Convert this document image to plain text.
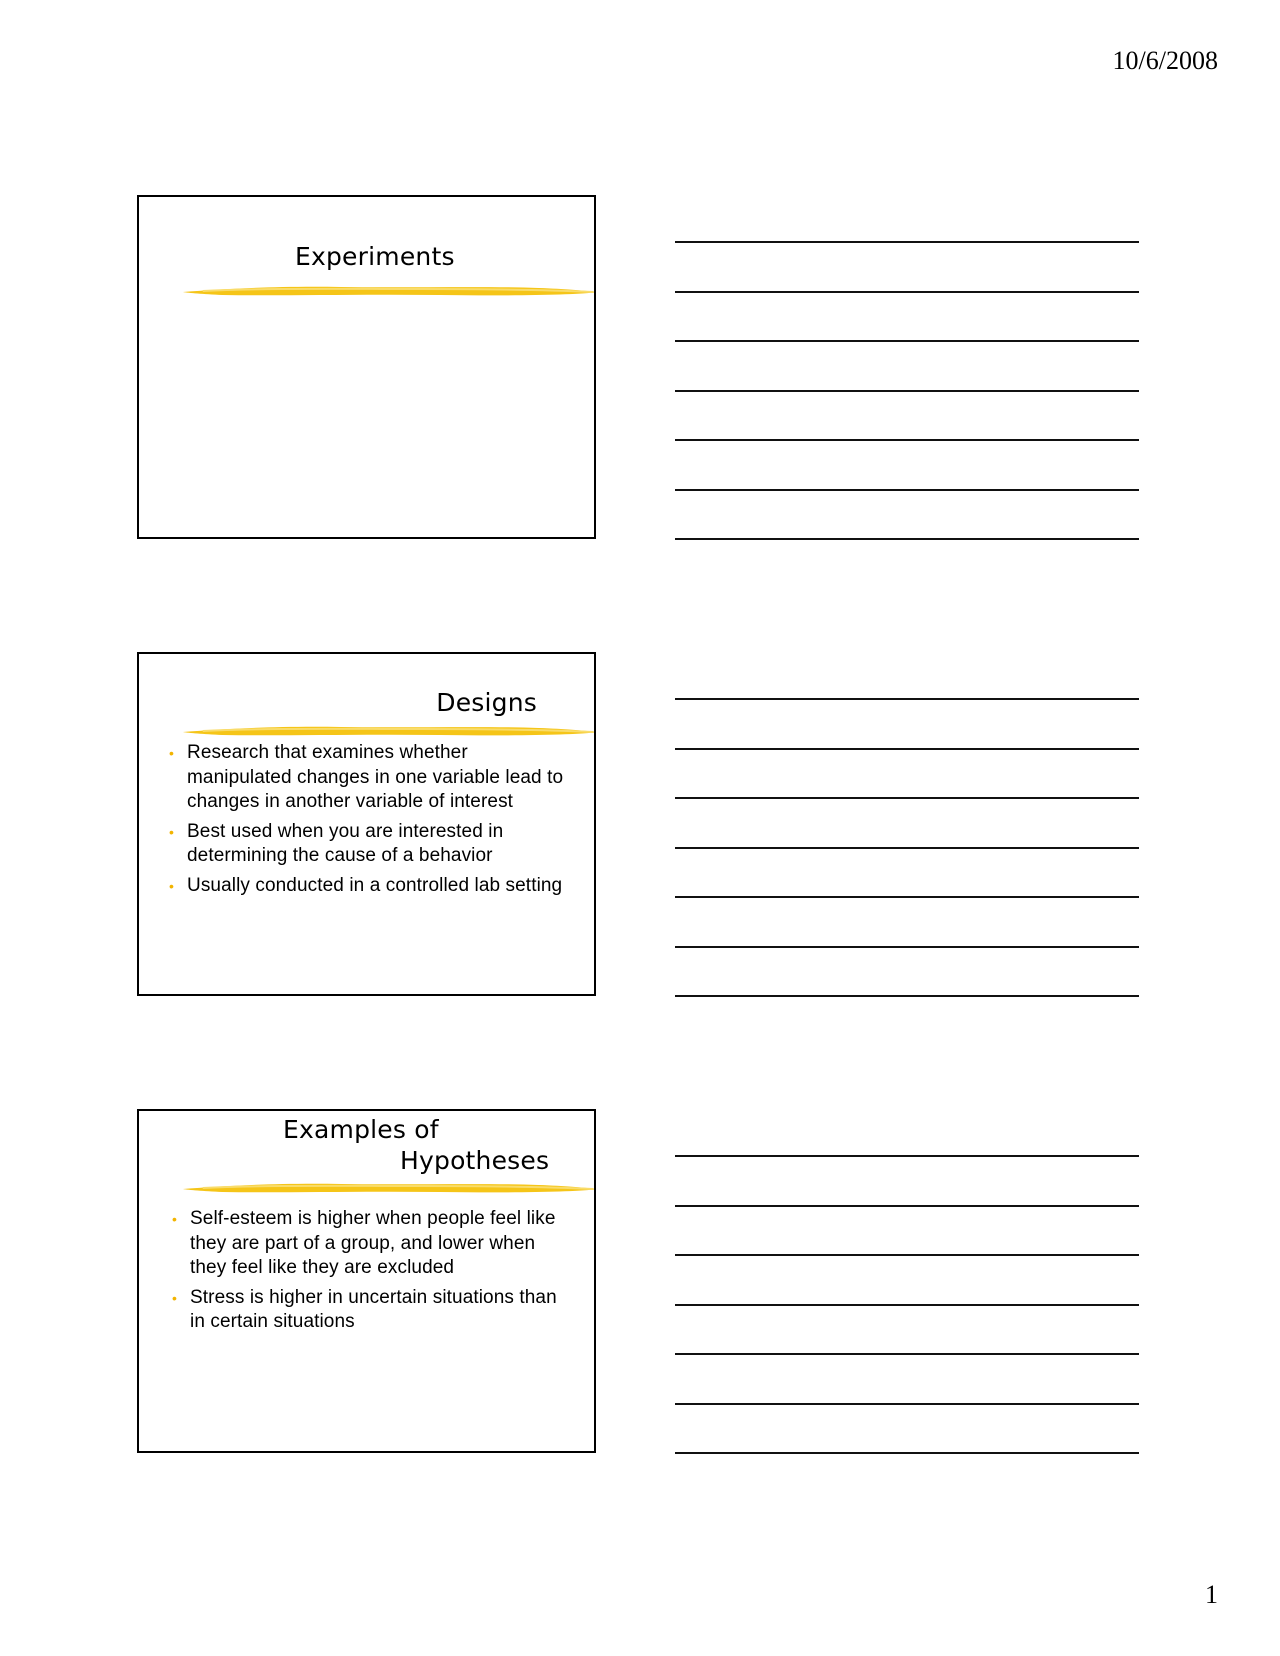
10/6/2008
Experiments
Designs
• Research that examines whether manipulated changes in one variable lead to changes in another variable of interest
• Best used when you are interested in determining the cause of a behavior
• Usually conducted in a controlled lab setting
Examples of
Hypotheses
• Self-esteem is higher when people feel like they are part of a group, and lower when they feel like they are excluded
• Stress is higher in uncertain situations than in certain situations
1
